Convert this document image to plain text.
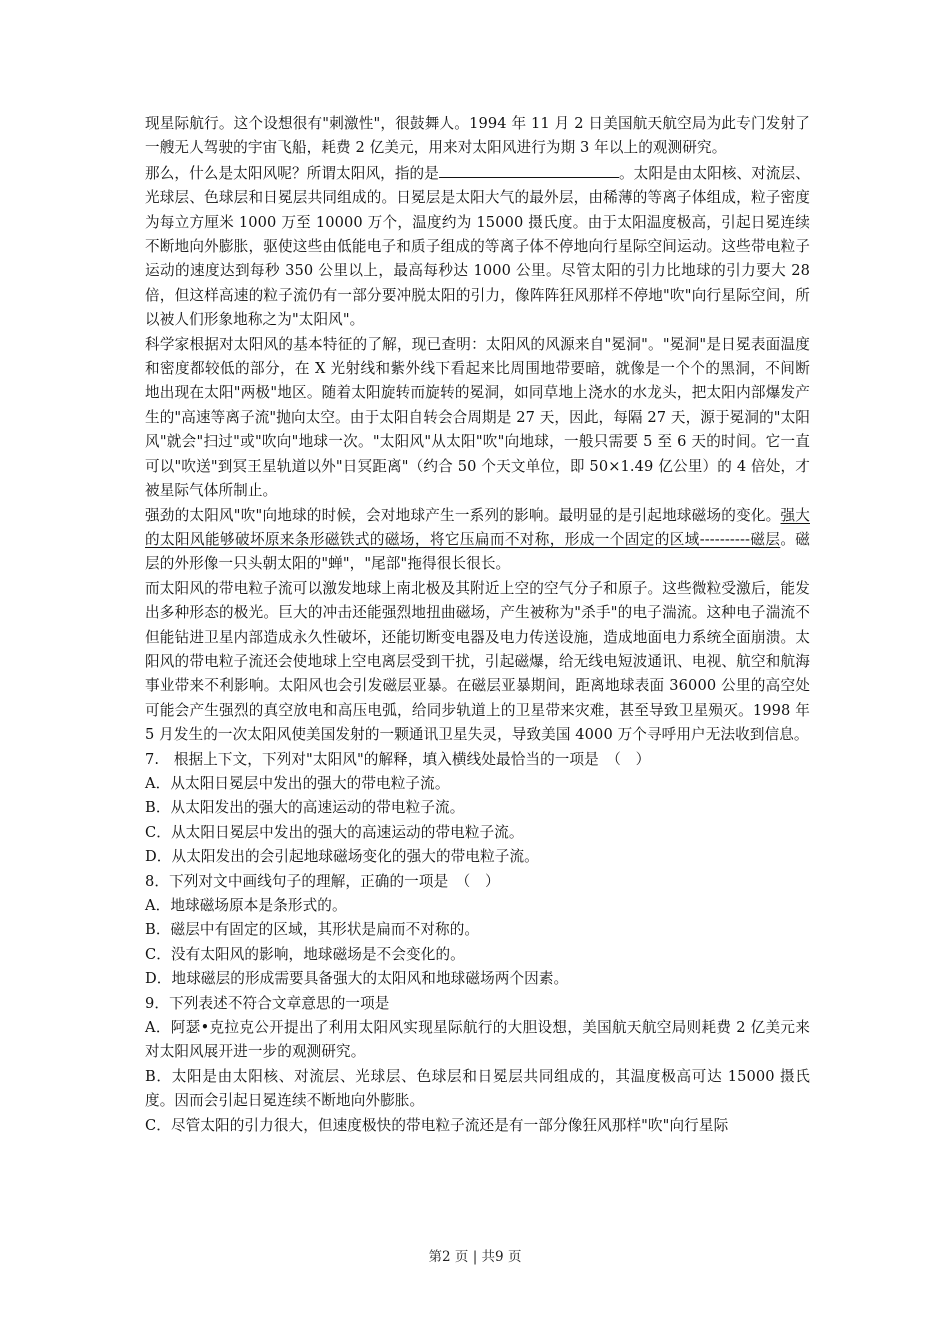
现星际航行。这个设想很有"刺激性"，很鼓舞人。1994 年 11 月 2 日美国航天航空局为此专门发射了一艘无人驾驶的宇宙飞船，耗费 2 亿美元，用来对太阳风进行为期 3 年以上的观测研究。

那么，什么是太阳风呢？所谓太阳风，指的是	。太阳是由太阳核、对流层、光球层、色球层和日冕层共同组成的。日冕层是太阳大气的最外层，由稀薄的等离子体组成，粒子密度为每立方厘米 1000 万至 10000 万个，温度约为 15000 摄氏度。由于太阳温度极高，引起日冕连续不断地向外膨胀，驱使这些由低能电子和质子组成的等离子体不停地向行星际空间运动。这些带电粒子运动的速度达到每秒 350 公里以上，最高每秒达 1000 公里。尽管太阳的引力比地球的引力要大 28 倍，但这样高速的粒子流仍有一部分要冲脱太阳的引力，像阵阵狂风那样不停地"吹"向行星际空间，所以被人们形象地称之为"太阳风"。

科学家根据对太阳风的基本特征的了解，现已查明：太阳风的风源来自"冕洞"。"冕洞"是日冕表面温度和密度都较低的部分，在 X 光射线和紫外线下看起来比周围地带要暗，就像是一个个的黑洞，不间断地出现在太阳"两极"地区。随着太阳旋转而旋转的冕洞，如同草地上浇水的水龙头，把太阳内部爆发产生的"高速等离子流"抛向太空。由于太阳自转会合周期是 27 天，因此，每隔 27 天，源于冕洞的"太阳风"就会"扫过"或"吹向"地球一次。"太阳风"从太阳"吹"向地球，一般只需要 5 至 6 天的时间。它一直可以"吹送"到冥王星轨道以外"日冥距离"（约合 50 个天文单位，即 50×1.49 亿公里）的 4 倍处，才被星际气体所制止。

强劲的太阳风"吹"向地球的时候，会对地球产生一系列的影响。最明显的是引起地球磁场的变化。强大的太阳风能够破坏原来条形磁铁式的磁场，将它压扁而不对称，形成一个固定的区域----------磁层。磁层的外形像一只头朝太阳的"蝉"，"尾部"拖得很长很长。

而太阳风的带电粒子流可以激发地球上南北极及其附近上空的空气分子和原子。这些微粒受激后，能发出多种形态的极光。巨大的冲击还能强烈地扭曲磁场，产生被称为"杀手"的电子湍流。这种电子湍流不但能钻进卫星内部造成永久性破坏，还能切断变电器及电力传送设施，造成地面电力系统全面崩溃。太阳风的带电粒子流还会使地球上空电离层受到干扰，引起磁爆，给无线电短波通讯、电视、航空和航海事业带来不利影响。太阳风也会引发磁层亚暴。在磁层亚暴期间，距离地球表面 36000 公里的高空处可能会产生强烈的真空放电和高压电弧，给同步轨道上的卫星带来灾难，甚至导致卫星殒灭。1998 年 5 月发生的一次太阳风使美国发射的一颗通讯卫星失灵，导致美国 4000 万个寻呼用户无法收到信息。

7.　根据上下文，下列对"太阳风"的解释，填入横线处最恰当的一项是　（　）

A．从太阳日冕层中发出的强大的带电粒子流。

B．从太阳发出的强大的高速运动的带电粒子流。

C．从太阳日冕层中发出的强大的高速运动的带电粒子流。

D．从太阳发出的会引起地球磁场变化的强大的带电粒子流。

8．下列对文中画线句子的理解，正确的一项是　（　）

A．地球磁场原本是条形式的。

B．磁层中有固定的区域，其形状是扁而不对称的。

C．没有太阳风的影响，地球磁场是不会变化的。

D．地球磁层的形成需要具备强大的太阳风和地球磁场两个因素。

9．下列表述不符合文章意思的一项是

A．阿瑟•克拉克公开提出了利用太阳风实现星际航行的大胆设想，美国航天航空局则耗费 2 亿美元来对太阳风展开进一步的观测研究。

B．太阳是由太阳核、对流层、光球层、色球层和日冕层共同组成的，其温度极高可达 15000 摄氏度。因而会引起日冕连续不断地向外膨胀。

C．尽管太阳的引力很大，但速度极快的带电粒子流还是有一部分像狂风那样"吹"向行星际

第2 页 | 共9 页
